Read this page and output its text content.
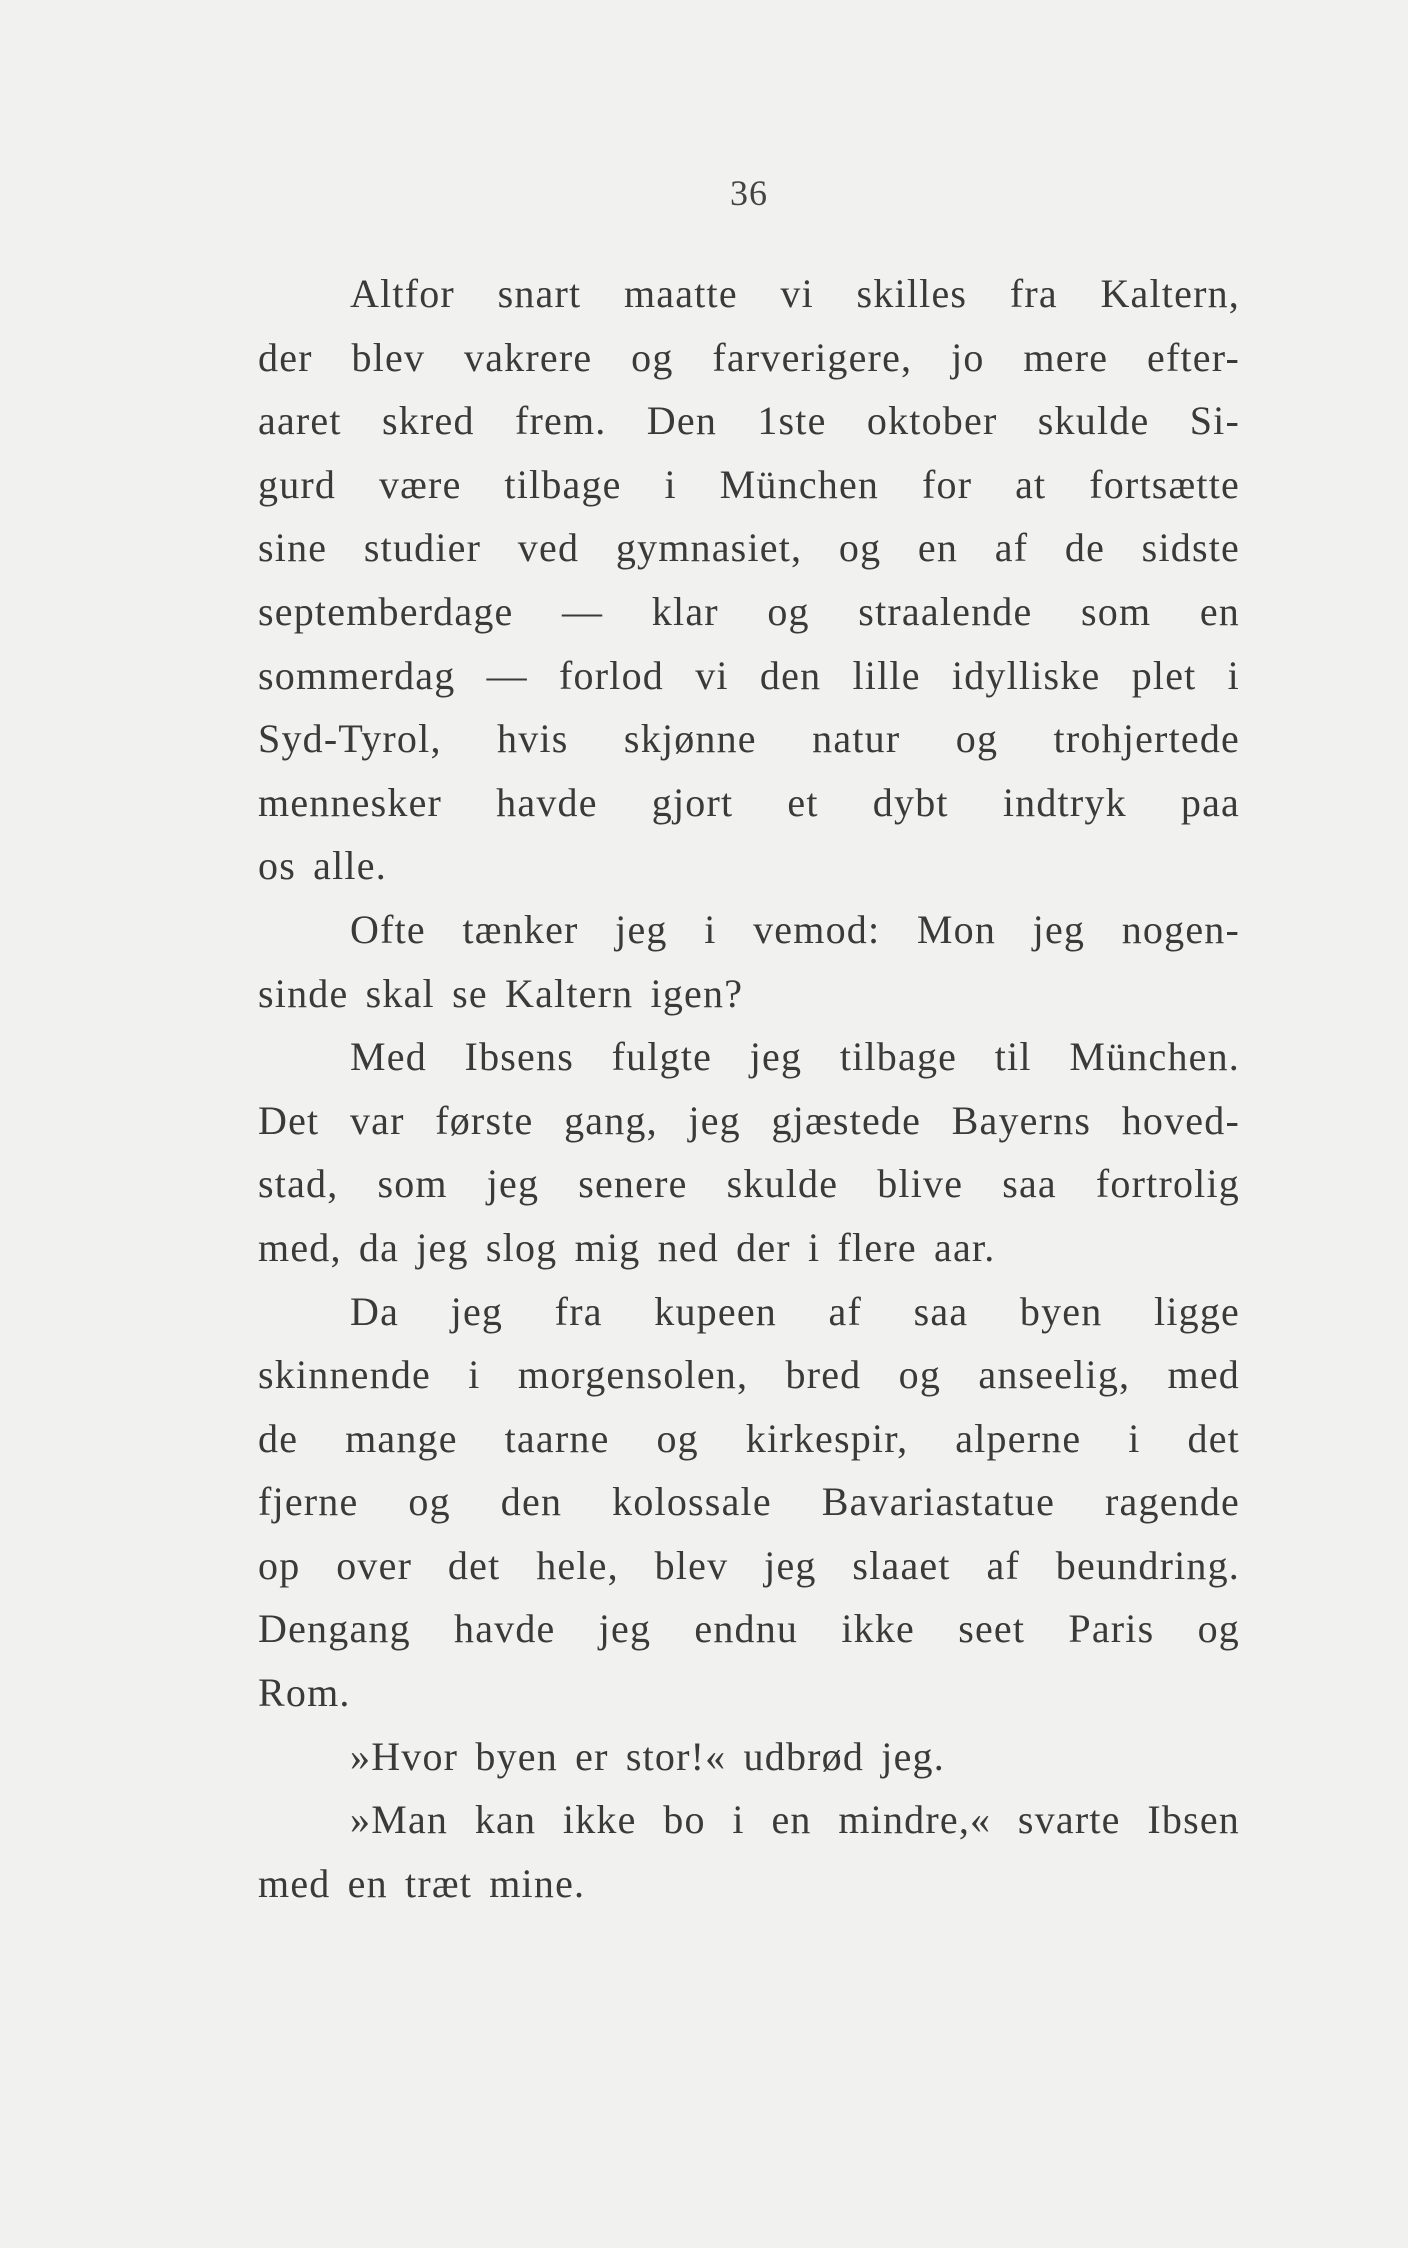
36

Altfor snart maatte vi skilles fra Kaltern,
der blev vakrere og farverigere, jo mere efter-
aaret skred frem. Den 1ste oktober skulde Si-
gurd være tilbage i München for at fortsætte
sine studier ved gymnasiet, og en af de sidste
septemberdage — klar og straalende som en
sommerdag — forlod vi den lille idylliske plet i
Syd-Tyrol, hvis skjønne natur og trohjertede
mennesker havde gjort et dybt indtryk paa
os alle.

Ofte tænker jeg i vemod: Mon jeg nogen-
sinde skal se Kaltern igen?

Med Ibsens fulgte jeg tilbage til München.
Det var første gang, jeg gjæstede Bayerns hoved-
stad, som jeg senere skulde blive saa fortrolig
med, da jeg slog mig ned der i flere aar.

Da jeg fra kupeen af saa byen ligge
skinnende i morgensolen, bred og anseelig, med
de mange taarne og kirkespir, alperne i det
fjerne og den kolossale Bavariastatue ragende
op over det hele, blev jeg slaaet af beundring.
Dengang havde jeg endnu ikke seet Paris og
Rom.

»Hvor byen er stor!« udbrød jeg.

»Man kan ikke bo i en mindre,« svarte Ibsen
med en træt mine.
